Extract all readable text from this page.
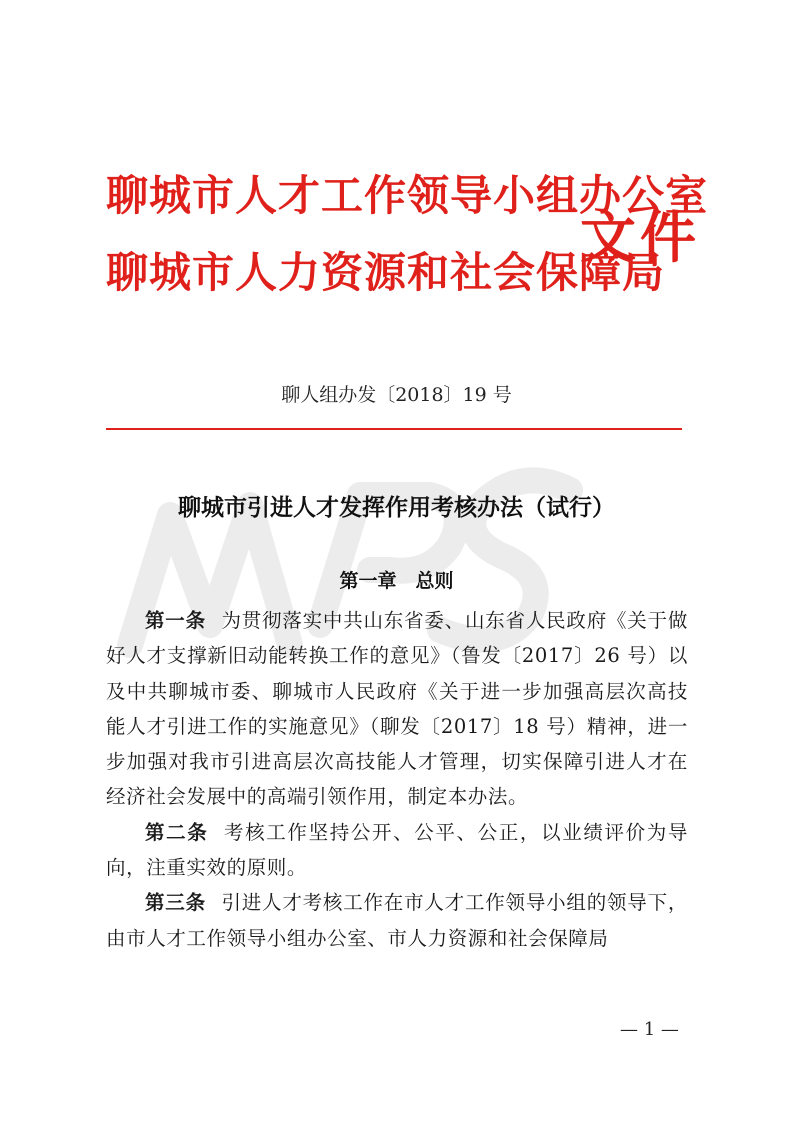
聊城市人才工作领导小组办公室
聊城市人力资源和社会保障局
文件
聊人组办发〔2018〕19 号
聊城市引进人才发挥作用考核办法（试行）
第一章　总则

第一条 为贯彻落实中共山东省委、山东省人民政府《关于做好人才支撑新旧动能转换工作的意见》（鲁发〔2017〕26 号）以及中共聊城市委、聊城市人民政府《关于进一步加强高层次高技能人才引进工作的实施意见》（聊发〔2017〕18 号）精神，进一步加强对我市引进高层次高技能人才管理，切实保障引进人才在经济社会发展中的高端引领作用，制定本办法。

第二条 考核工作坚持公开、公平、公正，以业绩评价为导向，注重实效的原则。

第三条 引进人才考核工作在市人才工作领导小组的领导下，由市人才工作领导小组办公室、市人力资源和社会保障局

— 1 —
